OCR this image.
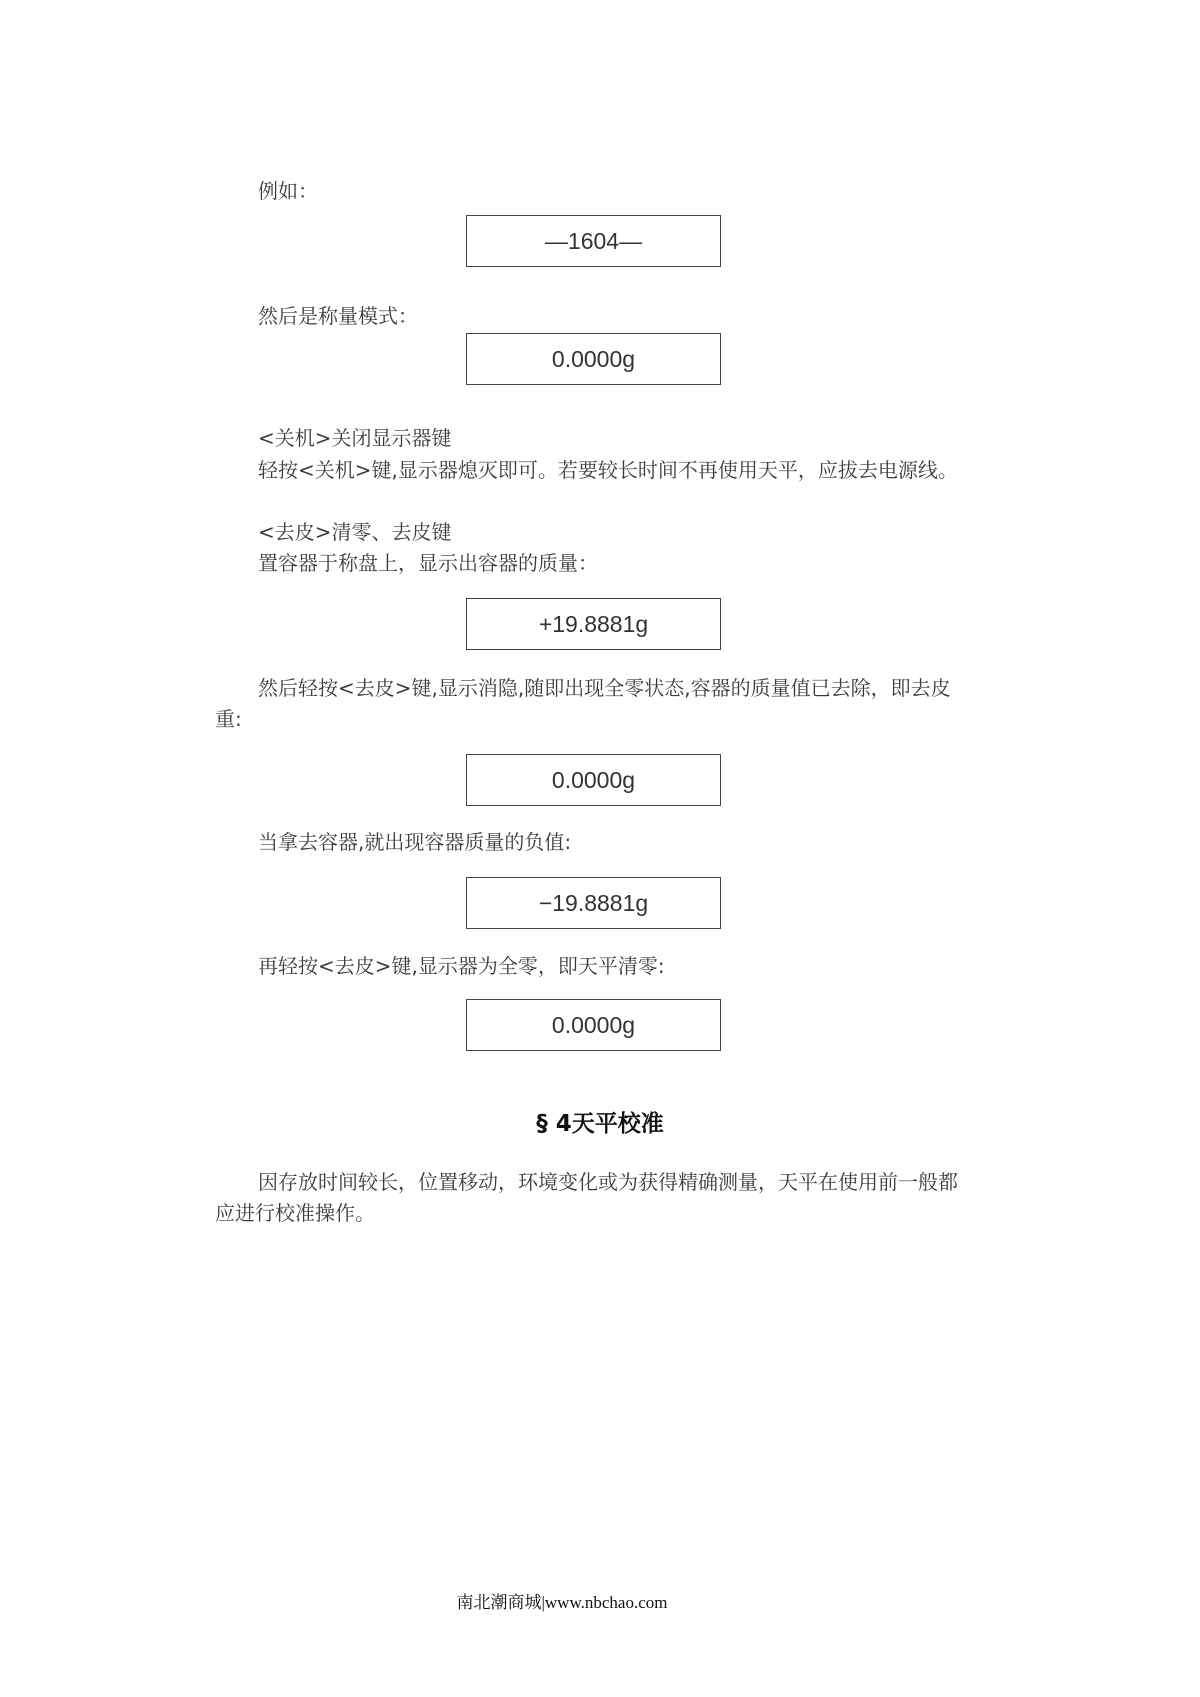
例如：
—1604—
然后是称量模式：
0.0000g
<关机>关闭显示器键
轻按<关机>键,显示器熄灭即可。若要较长时间不再使用天平，应拔去电源线。
<去皮>清零、去皮键
置容器于称盘上，显示出容器的质量：
+19.8881g
然后轻按<去皮>键,显示消隐,随即出现全零状态,容器的质量值已去除，即去皮重:
0.0000g
当拿去容器,就出现容器质量的负值:
−19.8881g
再轻按<去皮>键,显示器为全零，即天平清零:
0.0000g
§ 4天平校准
因存放时间较长，位置移动，环境变化或为获得精确测量，天平在使用前一般都应进行校准操作。
南北潮商城|www.nbchao.com
